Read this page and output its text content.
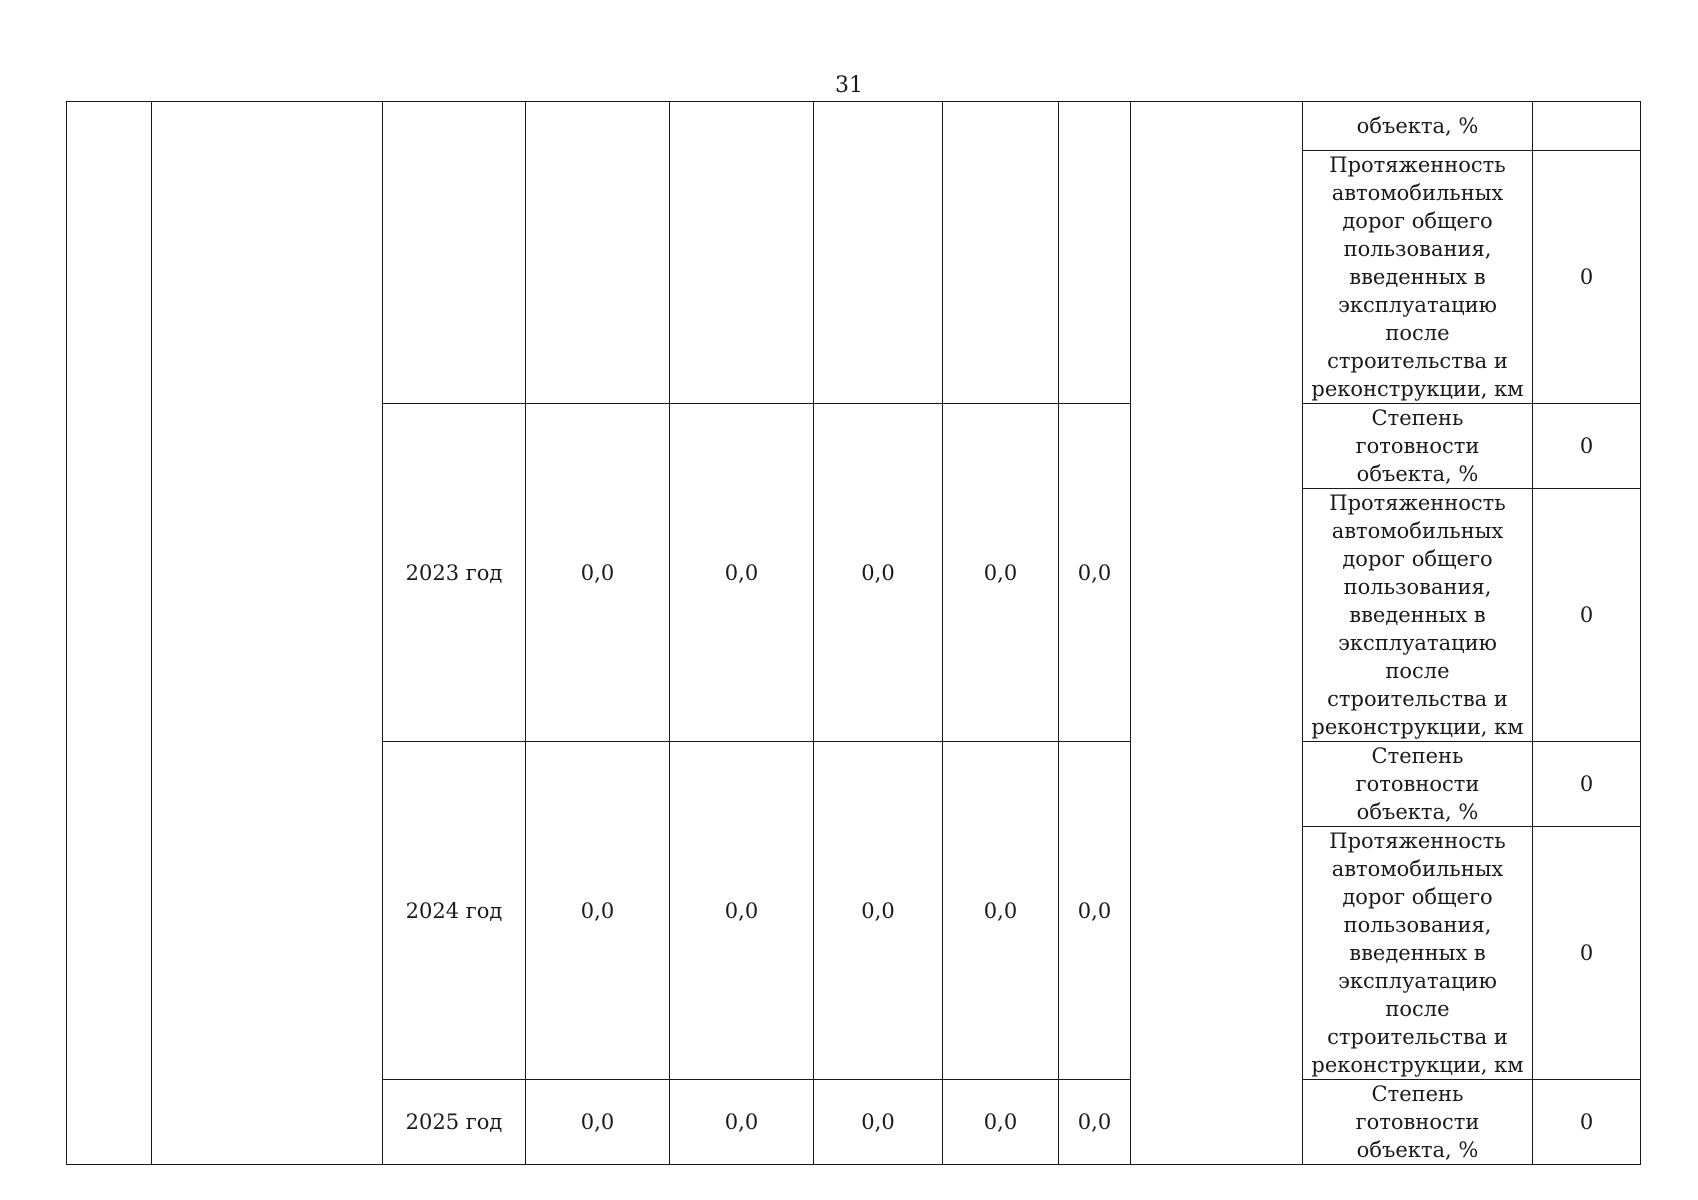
31
									объекта, %	
									Протяженность автомобильных дорог общего пользования, введенных в эксплуатацию после строительства и реконструкции, км	0
		2023 год	0,0	0,0	0,0	0,0	0,0		Степень готовности объекта, %	0
									Протяженность автомобильных дорог общего пользования, введенных в эксплуатацию после строительства и реконструкции, км	0
		2024 год	0,0	0,0	0,0	0,0	0,0		Степень готовности объекта, %	0
									Протяженность автомобильных дорог общего пользования, введенных в эксплуатацию после строительства и реконструкции, км	0
		2025 год	0,0	0,0	0,0	0,0	0,0		Степень готовности объекта, %	0
